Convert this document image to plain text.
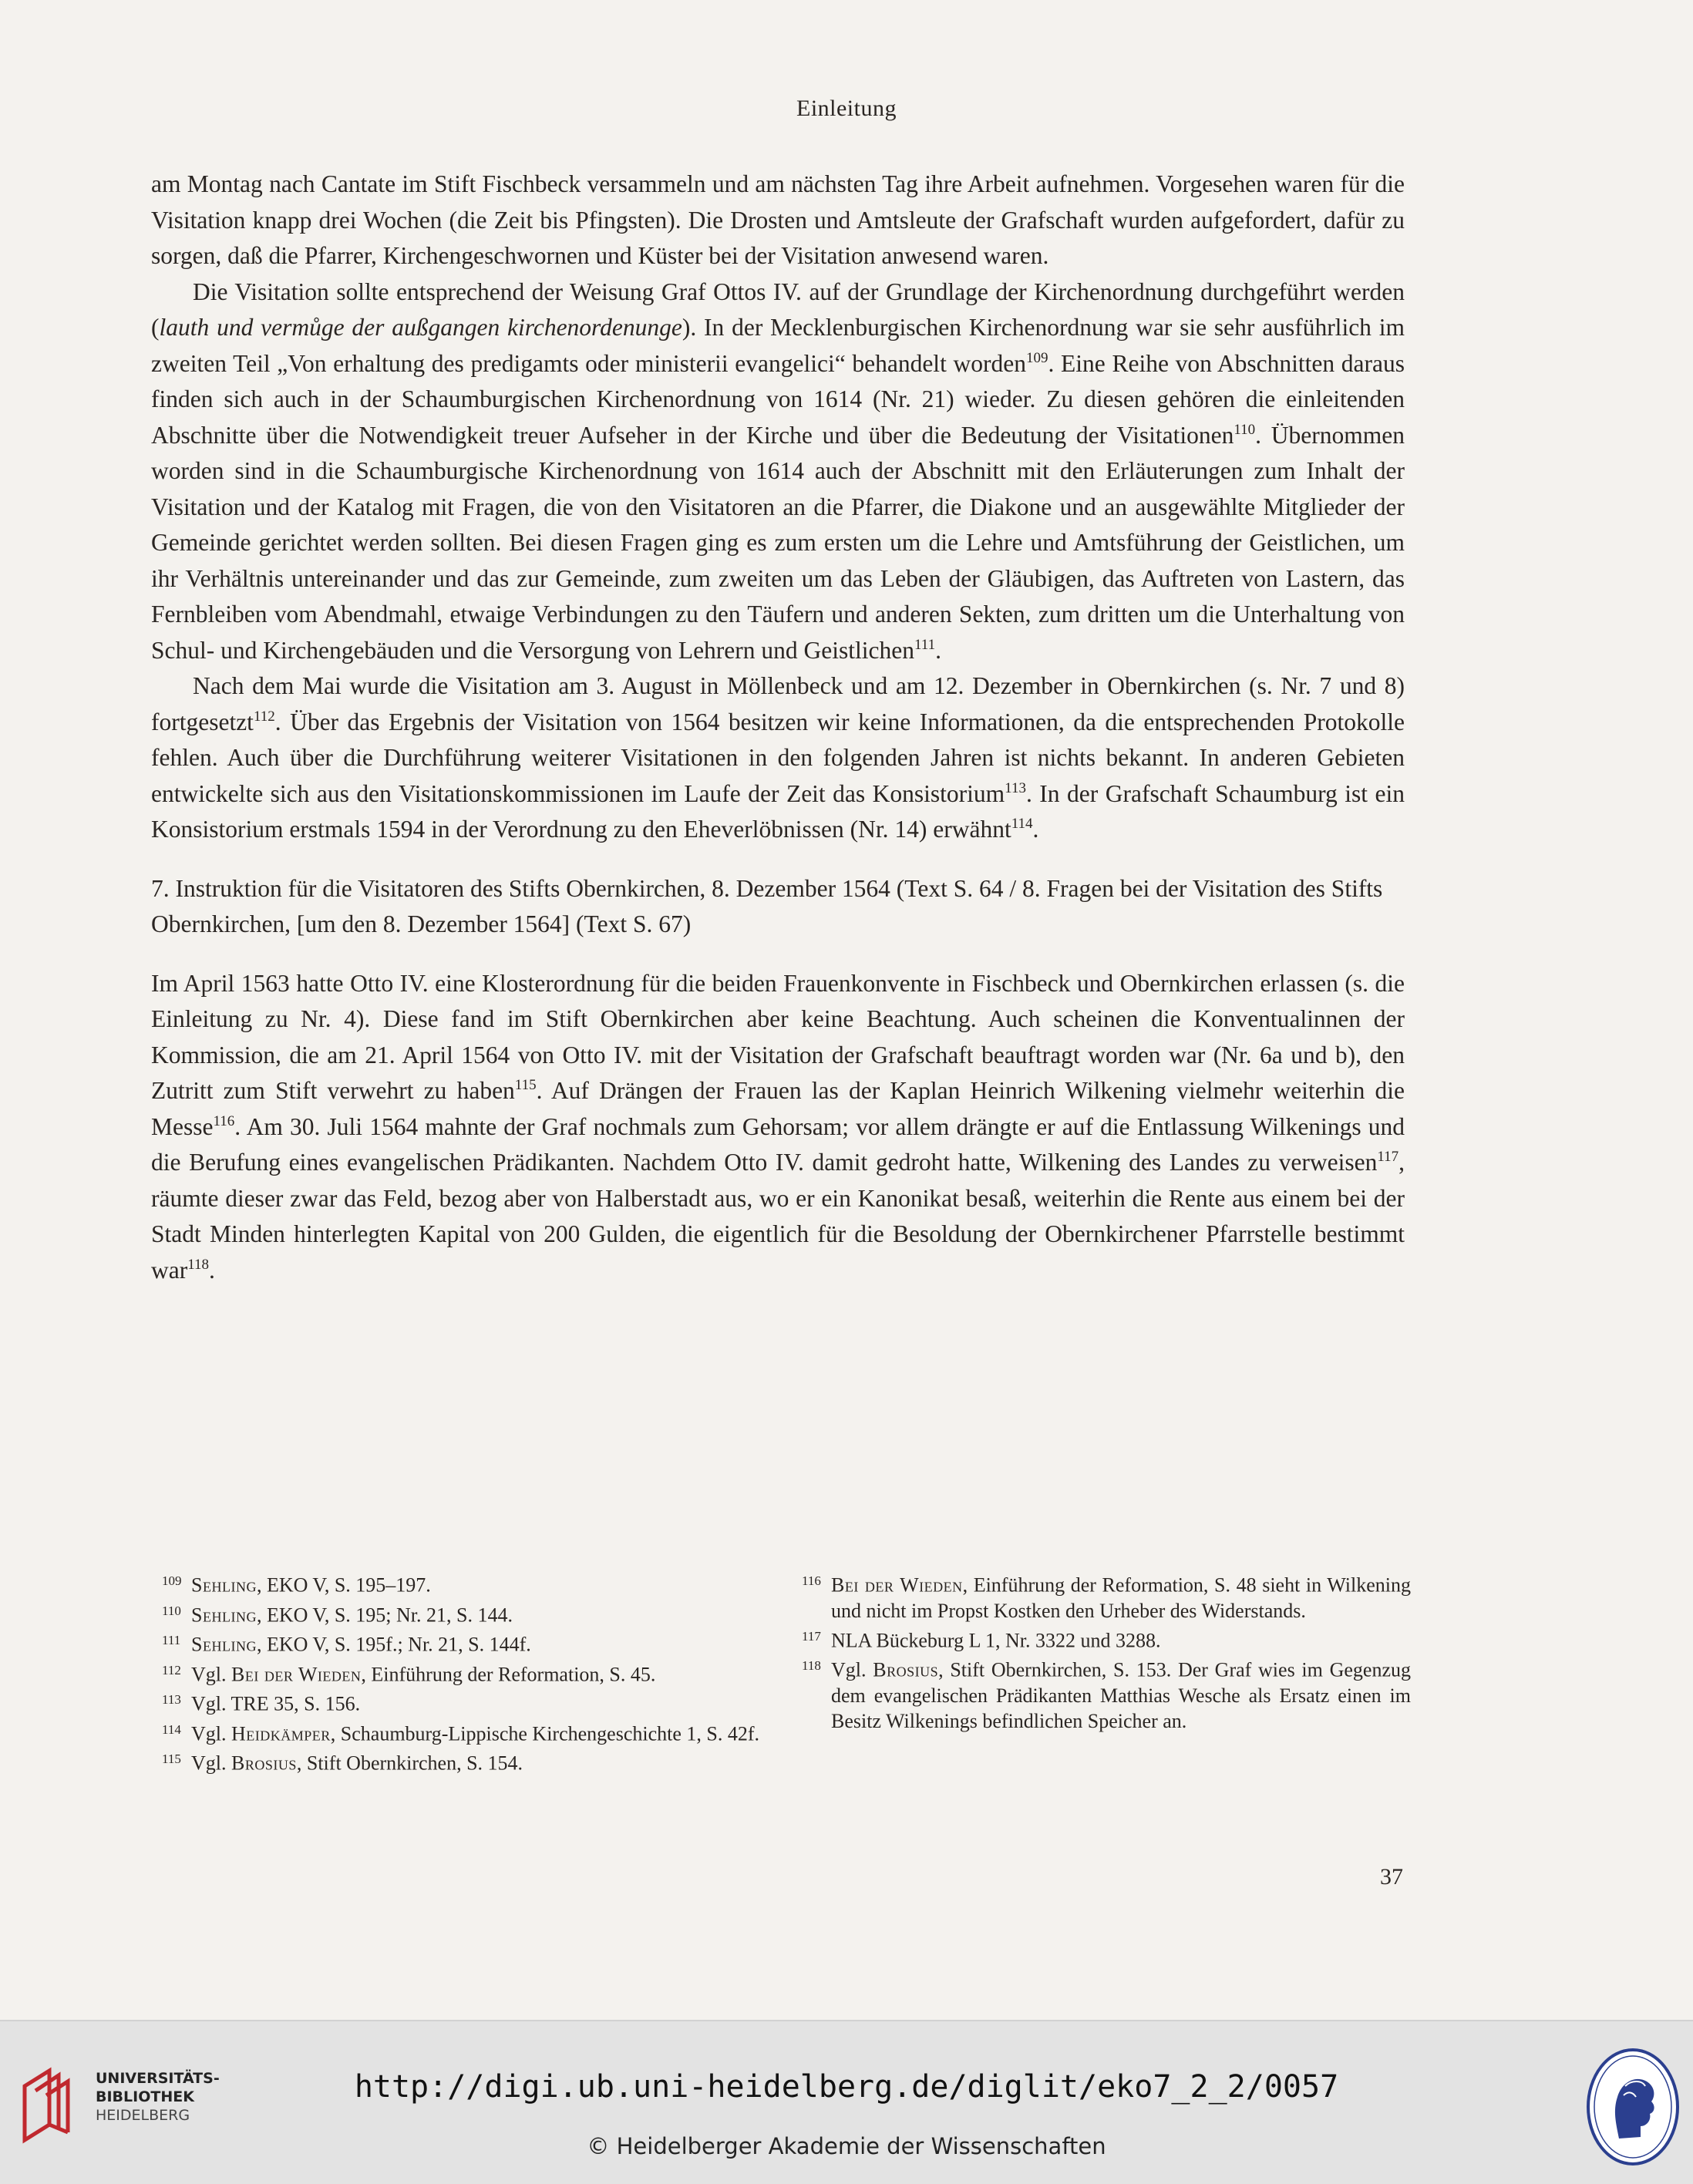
Einleitung

am Montag nach Cantate im Stift Fischbeck versammeln und am nächsten Tag ihre Arbeit aufnehmen. Vorgesehen waren für die Visitation knapp drei Wochen (die Zeit bis Pfingsten). Die Drosten und Amtsleute der Grafschaft wurden aufgefordert, dafür zu sorgen, daß die Pfarrer, Kirchengeschwornen und Küster bei der Visitation anwesend waren.

Die Visitation sollte entsprechend der Weisung Graf Ottos IV. auf der Grundlage der Kirchenordnung durchgeführt werden (lauth und vermůge der außgangen kirchenordenunge). In der Mecklenburgischen Kirchenordnung war sie sehr ausführlich im zweiten Teil „Von erhaltung des predigamts oder ministerii evangelici“ behandelt worden$^{109}$. Eine Reihe von Abschnitten daraus finden sich auch in der Schaumburgischen Kirchenordnung von 1614 (Nr. 21) wieder. Zu diesen gehören die einleitenden Abschnitte über die Notwendigkeit treuer Aufseher in der Kirche und über die Bedeutung der Visitationen$^{110}$. Übernommen worden sind in die Schaumburgische Kirchenordnung von 1614 auch der Abschnitt mit den Erläuterungen zum Inhalt der Visitation und der Katalog mit Fragen, die von den Visitatoren an die Pfarrer, die Diakone und an ausgewählte Mitglieder der Gemeinde gerichtet werden sollten. Bei diesen Fragen ging es zum ersten um die Lehre und Amtsführung der Geistlichen, um ihr Verhältnis untereinander und das zur Gemeinde, zum zweiten um das Leben der Gläubigen, das Auftreten von Lastern, das Fernbleiben vom Abendmahl, etwaige Verbindungen zu den Täufern und anderen Sekten, zum dritten um die Unterhaltung von Schul- und Kirchengebäuden und die Versorgung von Lehrern und Geistlichen$^{111}$.

Nach dem Mai wurde die Visitation am 3. August in Möllenbeck und am 12. Dezember in Obernkirchen (s. Nr. 7 und 8) fortgesetzt$^{112}$. Über das Ergebnis der Visitation von 1564 besitzen wir keine Informationen, da die entsprechenden Protokolle fehlen. Auch über die Durchführung weiterer Visitationen in den folgenden Jahren ist nichts bekannt. In anderen Gebieten entwickelte sich aus den Visitationskommissionen im Laufe der Zeit das Konsistorium$^{113}$. In der Grafschaft Schaumburg ist ein Konsistorium erstmals 1594 in der Verordnung zu den Eheverlöbnissen (Nr. 14) erwähnt$^{114}$.

7. Instruktion für die Visitatoren des Stifts Obernkirchen, 8. Dezember 1564 (Text S. 64 / 8. Fragen bei der Visitation des Stifts Obernkirchen, [um den 8. Dezember 1564] (Text S. 67)

Im April 1563 hatte Otto IV. eine Klosterordnung für die beiden Frauenkonvente in Fischbeck und Obernkirchen erlassen (s. die Einleitung zu Nr. 4). Diese fand im Stift Obernkirchen aber keine Beachtung. Auch scheinen die Konventualinnen der Kommission, die am 21. April 1564 von Otto IV. mit der Visitation der Grafschaft beauftragt worden war (Nr. 6a und b), den Zutritt zum Stift verwehrt zu haben$^{115}$. Auf Drängen der Frauen las der Kaplan Heinrich Wilkening vielmehr weiterhin die Messe$^{116}$. Am 30. Juli 1564 mahnte der Graf nochmals zum Gehorsam; vor allem drängte er auf die Entlassung Wilkenings und die Berufung eines evangelischen Prädikanten. Nachdem Otto IV. damit gedroht hatte, Wilkening des Landes zu verweisen$^{117}$, räumte dieser zwar das Feld, bezog aber von Halberstadt aus, wo er ein Kanonikat besaß, weiterhin die Rente aus einem bei der Stadt Minden hinterlegten Kapital von 200 Gulden, die eigentlich für die Besoldung der Obernkirchener Pfarrstelle bestimmt war$^{118}$.

109 Sehling, EKO V, S. 195–197.
110 Sehling, EKO V, S. 195; Nr. 21, S. 144.
111 Sehling, EKO V, S. 195f.; Nr. 21, S. 144f.
112 Vgl. Bei der Wieden, Einführung der Reformation, S. 45.
113 Vgl. TRE 35, S. 156.
114 Vgl. Heidkämper, Schaumburg-Lippische Kirchengeschichte 1, S. 42f.
115 Vgl. Brosius, Stift Obernkirchen, S. 154.
116 Bei der Wieden, Einführung der Reformation, S. 48 sieht in Wilkening und nicht im Propst Kostken den Urheber des Widerstands.
117 NLA Bückeburg L 1, Nr. 3322 und 3288.
118 Vgl. Brosius, Stift Obernkirchen, S. 153. Der Graf wies im Gegenzug dem evangelischen Prädikanten Matthias Wesche als Ersatz einen im Besitz Wilkenings befindlichen Speicher an.
37
UNIVERSITÄTS-
BIBLIOTHEK
HEIDELBERG
http://digi.ub.uni-heidelberg.de/diglit/eko7_2_2/0057
© Heidelberger Akademie der Wissenschaften
